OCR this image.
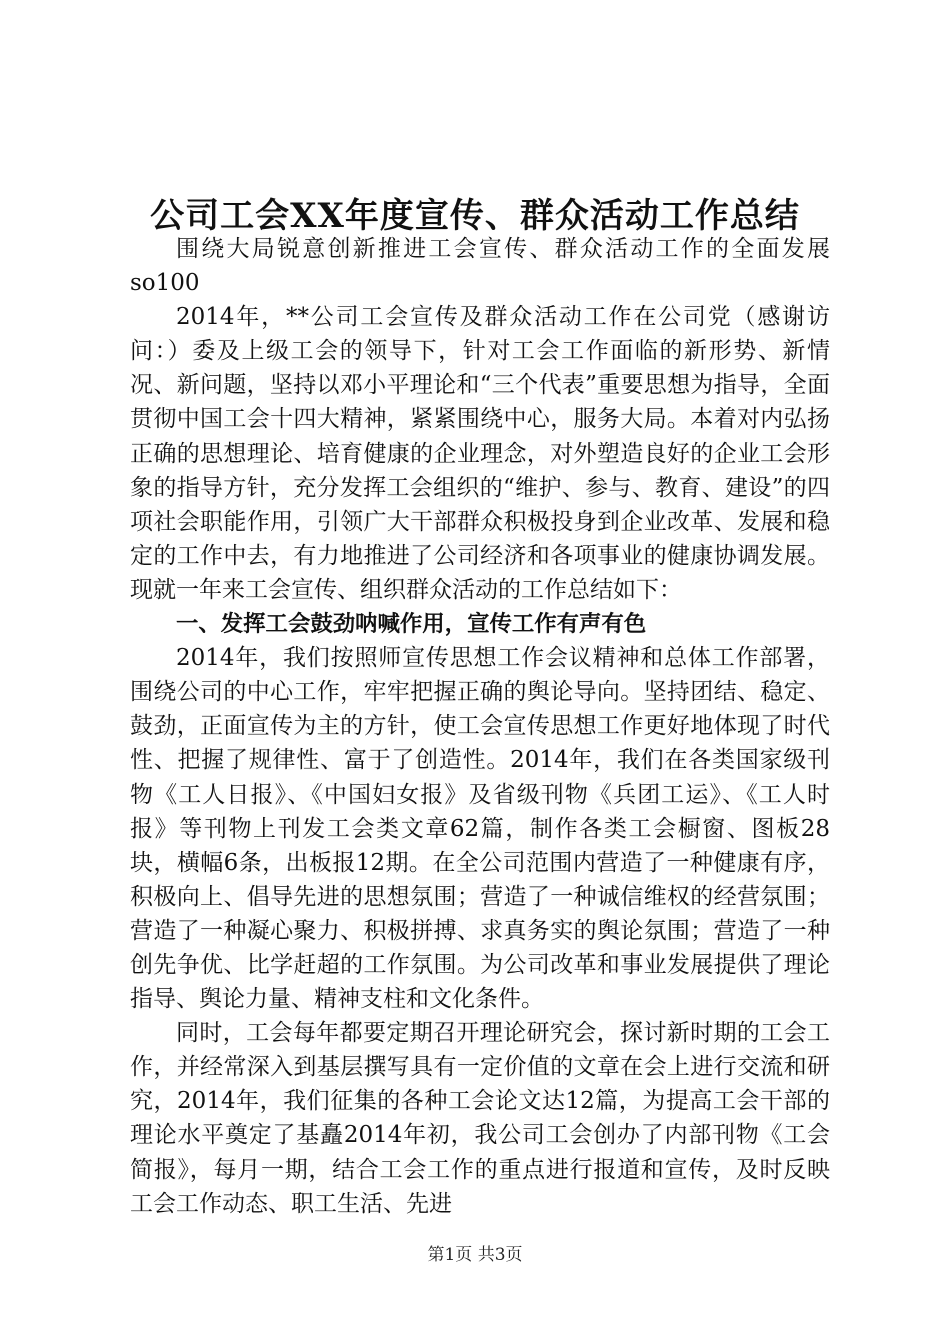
公司工会XX年度宣传、群众活动工作总结

围绕大局锐意创新推进工会宣传、群众活动工作的全面发展so100

2014年，**公司工会宣传及群众活动工作在公司党（感谢访问：）委及上级工会的领导下，针对工会工作面临的新形势、新情况、新问题，坚持以邓小平理论和“三个代表”重要思想为指导，全面贯彻中国工会十四大精神，紧紧围绕中心，服务大局。本着对内弘扬正确的思想理论、培育健康的企业理念，对外塑造良好的企业工会形象的指导方针，充分发挥工会组织的“维护、参与、教育、建设”的四项社会职能作用，引领广大干部群众积极投身到企业改革、发展和稳定的工作中去，有力地推进了公司经济和各项事业的健康协调发展。现就一年来工会宣传、组织群众活动的工作总结如下：

一、发挥工会鼓劲呐喊作用，宣传工作有声有色

2014年，我们按照师宣传思想工作会议精神和总体工作部署，围绕公司的中心工作，牢牢把握正确的舆论导向。坚持团结、稳定、鼓劲，正面宣传为主的方针，使工会宣传思想工作更好地体现了时代性、把握了规律性、富于了创造性。2014年，我们在各类国家级刊物《工人日报》、《中国妇女报》及省级刊物《兵团工运》、《工人时报》等刊物上刊发工会类文章62篇，制作各类工会橱窗、图板28块，横幅6条，出板报12期。在全公司范围内营造了一种健康有序，积极向上、倡导先进的思想氛围；营造了一种诚信维权的经营氛围；营造了一种凝心聚力、积极拼搏、求真务实的舆论氛围；营造了一种创先争优、比学赶超的工作氛围。为公司改革和事业发展提供了理论指导、舆论力量、精神支柱和文化条件。

同时，工会每年都要定期召开理论研究会，探讨新时期的工会工作，并经常深入到基层撰写具有一定价值的文章在会上进行交流和研究，2014年，我们征集的各种工会论文达12篇，为提高工会干部的理论水平奠定了基矗2014年初，我公司工会创办了内部刊物《工会简报》，每月一期，结合工会工作的重点进行报道和宣传，及时反映工会工作动态、职工生活、先进

第1页 共3页
